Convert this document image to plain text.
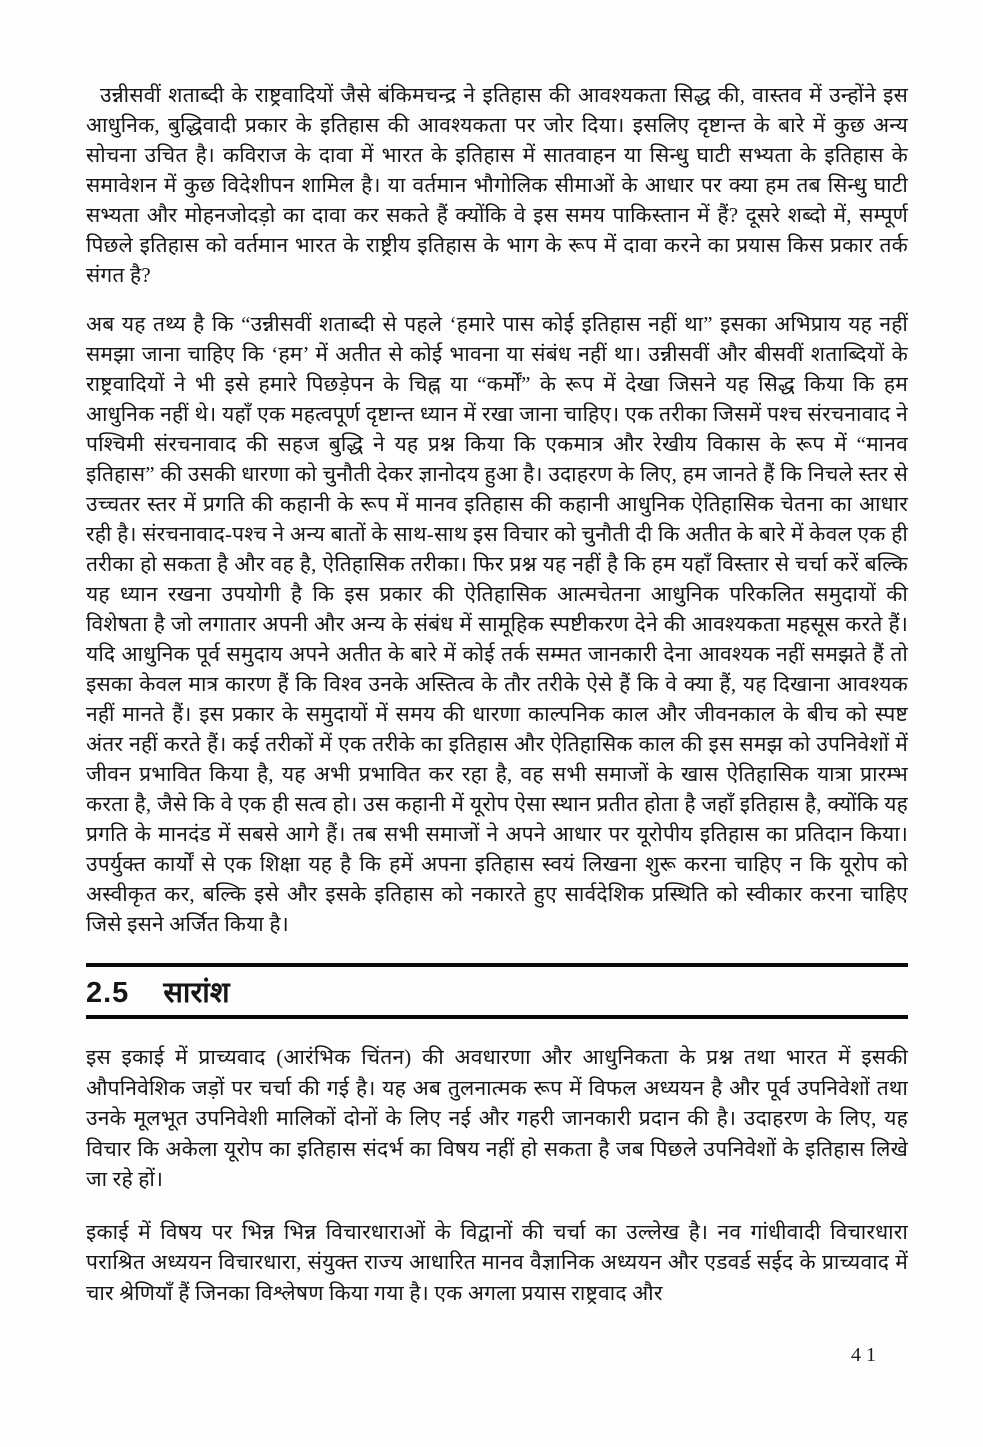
उन्नीसवीं शताब्दी के राष्ट्रवादियों जैसे बंकिमचन्द्र ने इतिहास की आवश्यकता सिद्ध की, वास्तव में उन्होंने इस आधुनिक, बुद्धिवादी प्रकार के इतिहास की आवश्यकता पर जोर दिया। इसलिए दृष्टान्त के बारे में कुछ अन्य सोचना उचित है। कविराज के दावा में भारत के इतिहास में सातवाहन या सिन्धु घाटी सभ्यता के इतिहास के समावेशन में कुछ विदेशीपन शामिल है। या वर्तमान भौगोलिक सीमाओं के आधार पर क्या हम तब सिन्धु घाटी सभ्यता और मोहनजोदड़ो का दावा कर सकते हैं क्योंकि वे इस समय पाकिस्तान में हैं? दूसरे शब्दो में, सम्पूर्ण पिछले इतिहास को वर्तमान भारत के राष्ट्रीय इतिहास के भाग के रूप में दावा करने का प्रयास किस प्रकार तर्क संगत है?

अब यह तथ्य है कि “उन्नीसवीं शताब्दी से पहले ‘हमारे पास कोई इतिहास नहीं था” इसका अभिप्राय यह नहीं समझा जाना चाहिए कि ‘हम’ में अतीत से कोई भावना या संबंध नहीं था। उन्नीसवीं और बीसवीं शताब्दियों के राष्ट्रवादियों ने भी इसे हमारे पिछड़ेपन के चिह्न या “कर्मों” के रूप में देखा जिसने यह सिद्ध किया कि हम आधुनिक नहीं थे। यहाँ एक महत्वपूर्ण दृष्टान्त ध्यान में रखा जाना चाहिए। एक तरीका जिसमें पश्च संरचनावाद ने पश्चिमी संरचनावाद की सहज बुद्धि ने यह प्रश्न किया कि एकमात्र और रेखीय विकास के रूप में “मानव इतिहास” की उसकी धारणा को चुनौती देकर ज्ञानोदय हुआ है। उदाहरण के लिए, हम जानते हैं कि निचले स्तर से उच्चतर स्तर में प्रगति की कहानी के रूप में मानव इतिहास की कहानी आधुनिक ऐतिहासिक चेतना का आधार रही है। संरचनावाद-पश्च ने अन्य बातों के साथ-साथ इस विचार को चुनौती दी कि अतीत के बारे में केवल एक ही तरीका हो सकता है और वह है, ऐतिहासिक तरीका। फिर प्रश्न यह नहीं है कि हम यहाँ विस्तार से चर्चा करें बल्कि यह ध्यान रखना उपयोगी है कि इस प्रकार की ऐतिहासिक आत्मचेतना आधुनिक परिकलित समुदायों की विशेषता है जो लगातार अपनी और अन्य के संबंध में सामूहिक स्पष्टीकरण देने की आवश्यकता महसूस करते हैं। यदि आधुनिक पूर्व समुदाय अपने अतीत के बारे में कोई तर्क सम्मत जानकारी देना आवश्यक नहीं समझते हैं तो इसका केवल मात्र कारण हैं कि विश्व उनके अस्तित्व के तौर तरीके ऐसे हैं कि वे क्या हैं, यह दिखाना आवश्यक नहीं मानते हैं। इस प्रकार के समुदायों में समय की धारणा काल्पनिक काल और जीवनकाल के बीच को स्पष्ट अंतर नहीं करते हैं। कई तरीकों में एक तरीके का इतिहास और ऐतिहासिक काल की इस समझ को उपनिवेशों में जीवन प्रभावित किया है, यह अभी प्रभावित कर रहा है, वह सभी समाजों के खास ऐतिहासिक यात्रा प्रारम्भ करता है, जैसे कि वे एक ही सत्व हो। उस कहानी में यूरोप ऐसा स्थान प्रतीत होता है जहाँ इतिहास है, क्योंकि यह प्रगति के मानदंड में सबसे आगे हैं। तब सभी समाजों ने अपने आधार पर यूरोपीय इतिहास का प्रतिदान किया। उपर्युक्त कार्यों से एक शिक्षा यह है कि हमें अपना इतिहास स्वयं लिखना शुरू करना चाहिए न कि यूरोप को अस्वीकृत कर, बल्कि इसे और इसके इतिहास को नकारते हुए सार्वदेशिक प्रस्थिति को स्वीकार करना चाहिए जिसे इसने अर्जित किया है।

2.5 सारांश

इस इकाई में प्राच्यवाद (आरंभिक चिंतन) की अवधारणा और आधुनिकता के प्रश्न तथा भारत में इसकी औपनिवेशिक जड़ों पर चर्चा की गई है। यह अब तुलनात्मक रूप में विफल अध्ययन है और पूर्व उपनिवेशों तथा उनके मूलभूत उपनिवेशी मालिकों दोनों के लिए नई और गहरी जानकारी प्रदान की है। उदाहरण के लिए, यह विचार कि अकेला यूरोप का इतिहास संदर्भ का विषय नहीं हो सकता है जब पिछले उपनिवेशों के इतिहास लिखे जा रहे हों।

इकाई में विषय पर भिन्न भिन्न विचारधाराओं के विद्वानों की चर्चा का उल्लेख है। नव गांधीवादी विचारधारा पराश्रित अध्ययन विचारधारा, संयुक्त राज्य आधारित मानव वैज्ञानिक अध्ययन और एडवर्ड सईद के प्राच्यवाद में चार श्रेणियाँ हैं जिनका विश्लेषण किया गया है। एक अगला प्रयास राष्ट्रवाद और

41
